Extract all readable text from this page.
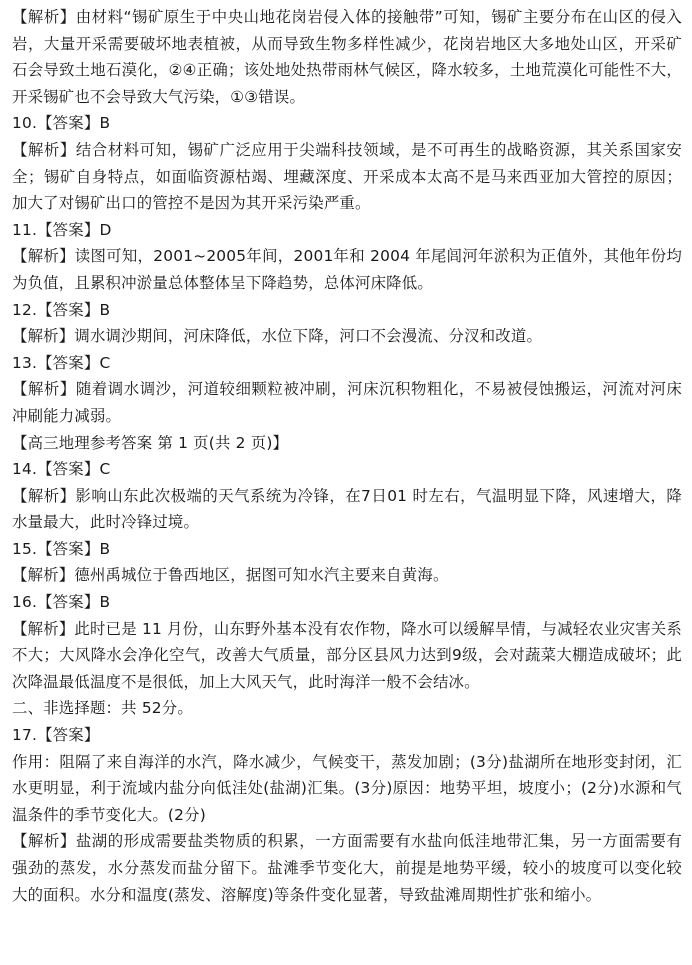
【解析】由材料“锡矿原生于中央山地花岗岩侵入体的接触带”可知，锡矿主要分布在山区的侵入岩，大量开采需要破坏地表植被，从而导致生物多样性减少，花岗岩地区大多地处山区，开采矿石会导致土地石漠化，②④正确；该处地处热带雨林气候区，降水较多，土地荒漠化可能性不大，开采锡矿也不会导致大气污染，①③错误。

10.【答案】B

【解析】结合材料可知，锡矿广泛应用于尖端科技领域，是不可再生的战略资源，其关系国家安全；锡矿自身特点，如面临资源枯竭、埋藏深度、开采成本太高不是马来西亚加大管控的原因；加大了对锡矿出口的管控不是因为其开采污染严重。

11.【答案】D

【解析】读图可知，2001~2005年间，2001年和 2004 年尾闾河年淤积为正值外，其他年份均为负值，且累积冲淤量总体整体呈下降趋势，总体河床降低。

12.【答案】B

【解析】调水调沙期间，河床降低，水位下降，河口不会漫流、分汊和改道。

13.【答案】C

【解析】随着调水调沙，河道较细颗粒被冲刷，河床沉积物粗化，不易被侵蚀搬运，河流对河床冲刷能力减弱。

【高三地理参考答案 第 1 页(共 2 页)】

14.【答案】C

【解析】影响山东此次极端的天气系统为冷锋，在7日01 时左右，气温明显下降，风速增大，降水量最大，此时冷锋过境。

15.【答案】B

【解析】德州禹城位于鲁西地区，据图可知水汽主要来自黄海。

16.【答案】B

【解析】此时已是 11 月份，山东野外基本没有农作物，降水可以缓解旱情，与减轻农业灾害关系不大；大风降水会净化空气，改善大气质量，部分区县风力达到9级，会对蔬菜大棚造成破坏；此次降温最低温度不是很低，加上大风天气，此时海洋一般不会结冰。

二、非选择题：共 52分。

17.【答案】

作用：阻隔了来自海洋的水汽，降水减少，气候变干，蒸发加剧；(3分)盐湖所在地形变封闭，汇水更明显，利于流域内盐分向低洼处(盐湖)汇集。(3分)原因：地势平坦，坡度小；(2分)水源和气温条件的季节变化大。(2分)

【解析】盐湖的形成需要盐类物质的积累，一方面需要有水盐向低洼地带汇集，另一方面需要有强劲的蒸发，水分蒸发而盐分留下。盐滩季节变化大，前提是地势平缓，较小的坡度可以变化较大的面积。水分和温度(蒸发、溶解度)等条件变化显著，导致盐滩周期性扩张和缩小。
